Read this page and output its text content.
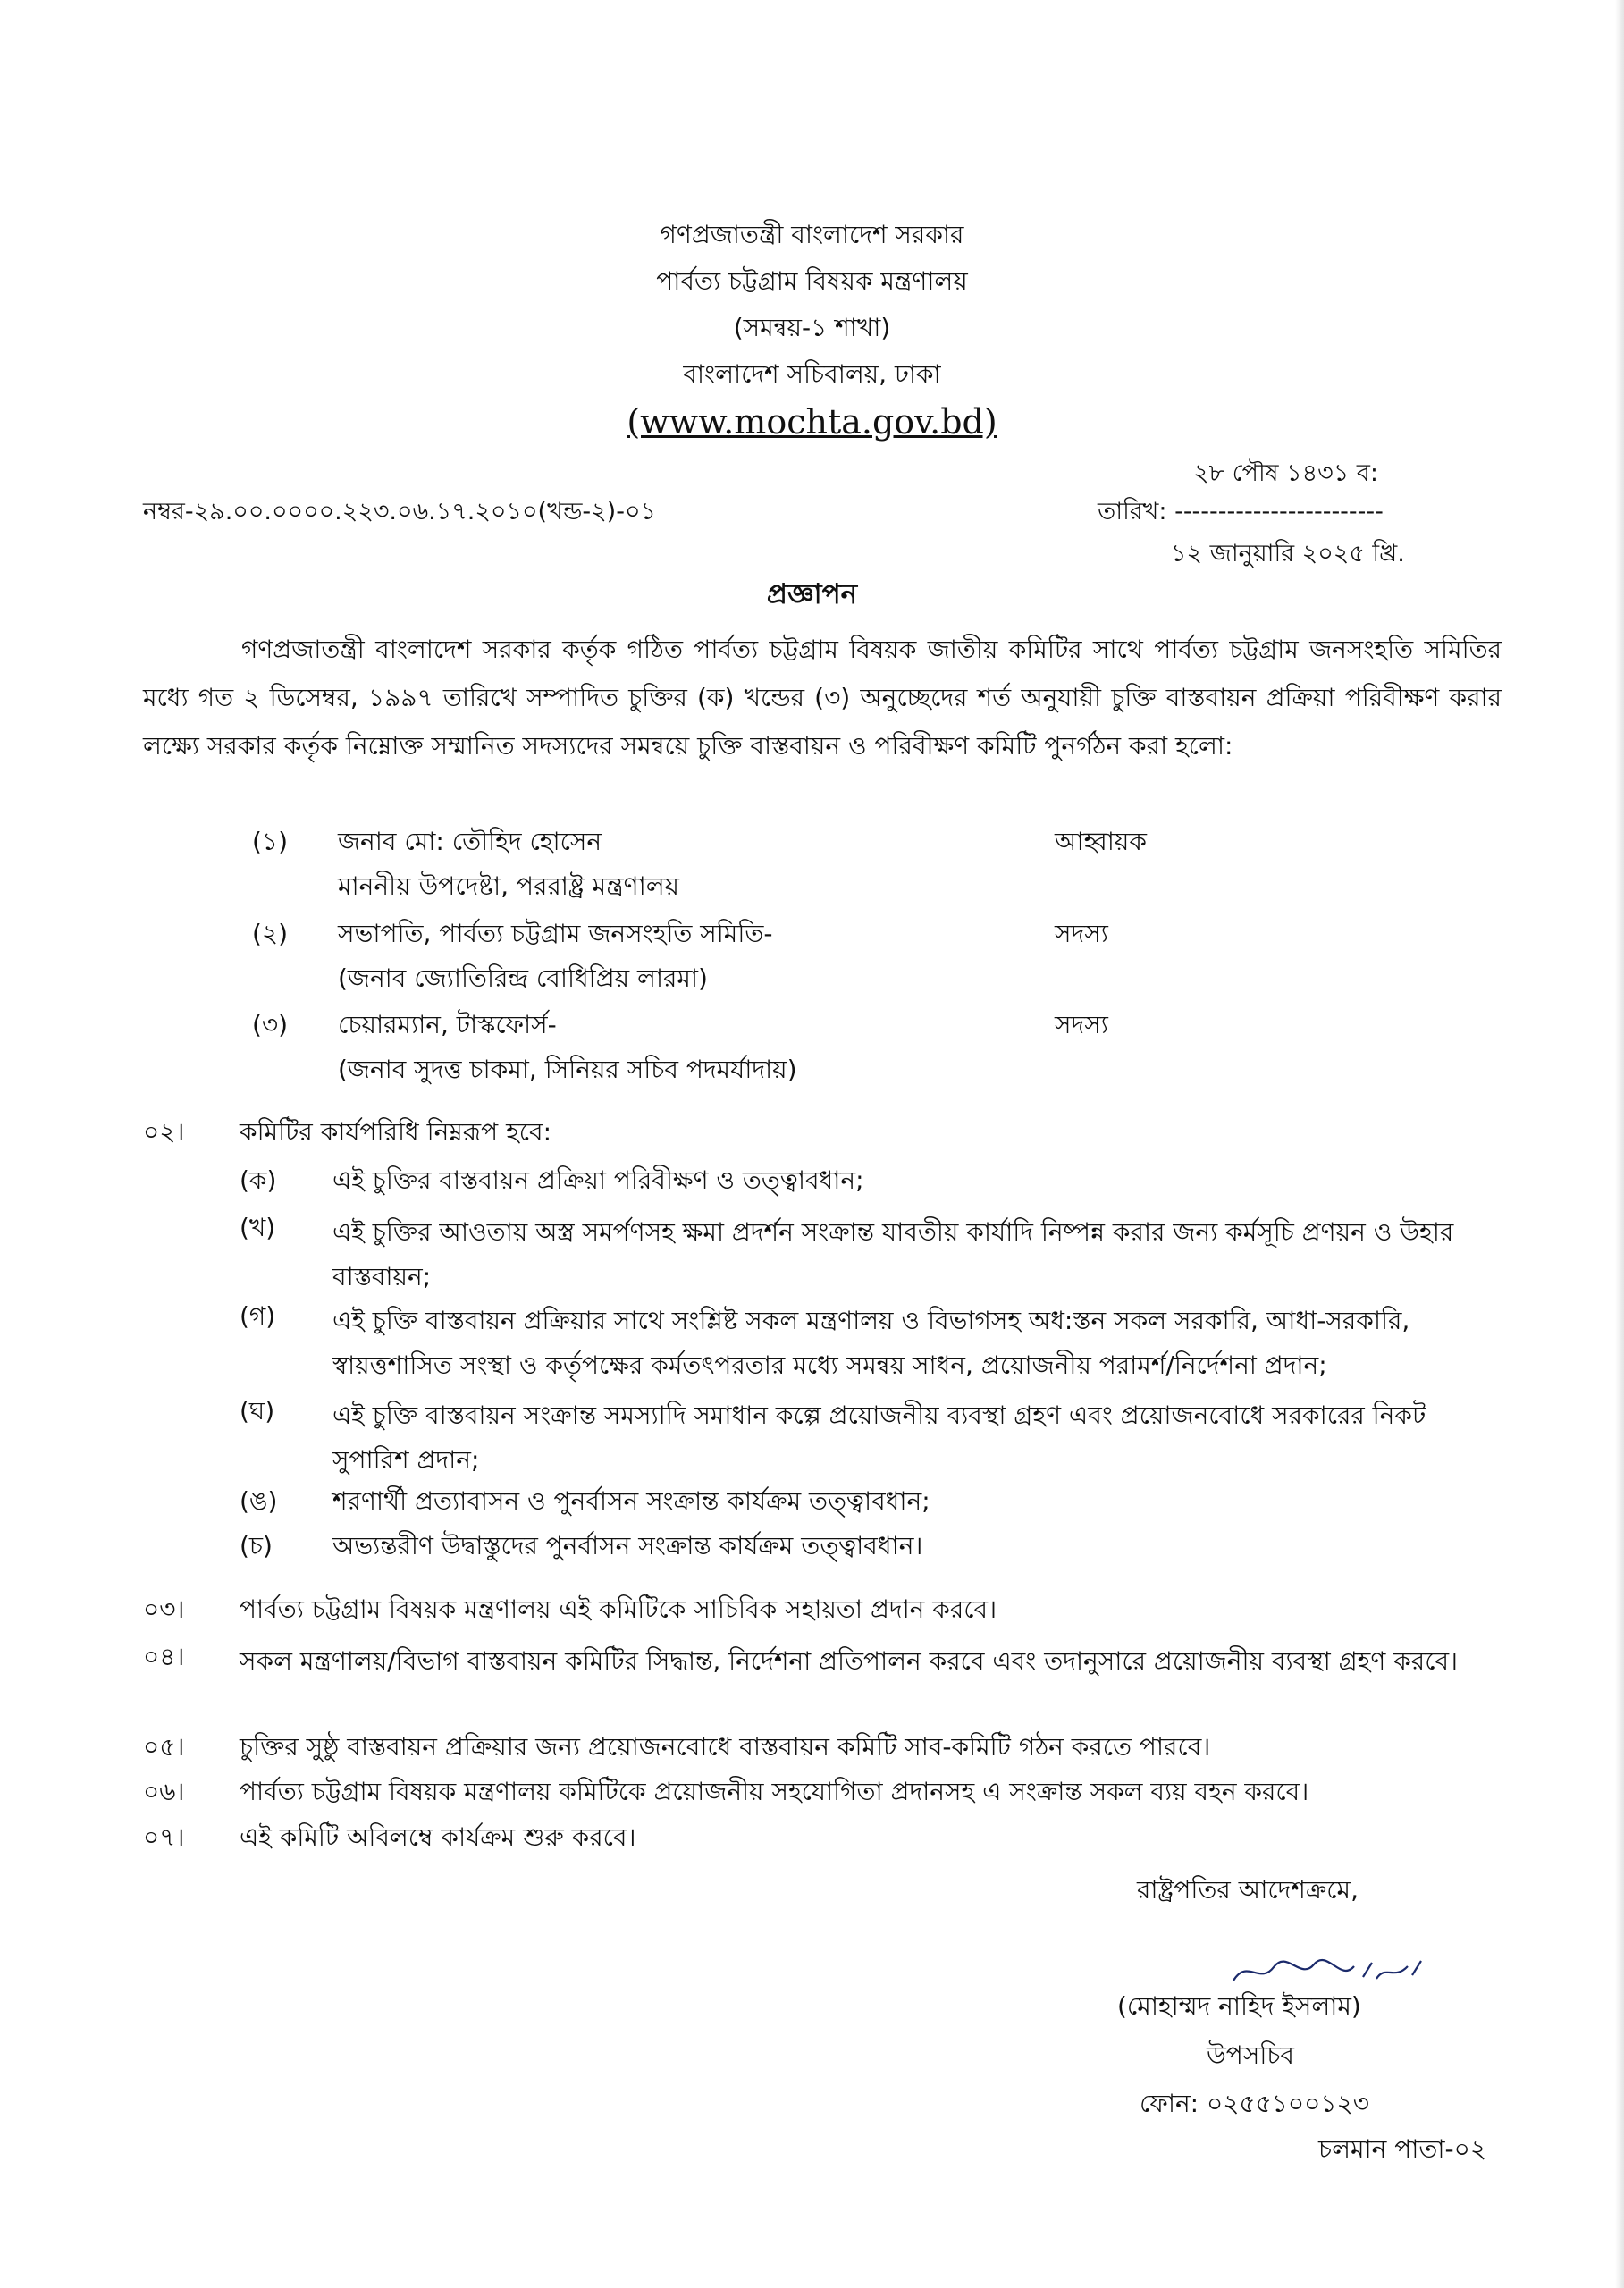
গণপ্রজাতন্ত্রী বাংলাদেশ সরকার
পার্বত্য চট্টগ্রাম বিষয়ক মন্ত্রণালয়
(সমন্বয়-১ শাখা)
বাংলাদেশ সচিবালয়, ঢাকা
(www.mochta.gov.bd)
২৮ পৌষ ১৪৩১ ব:
নম্বর-২৯.০০.০০০০.২২৩.০৬.১৭.২০১০(খন্ড-২)-০১	তারিখ: ------------------------
১২ জানুয়ারি ২০২৫ খ্রি.
প্রজ্ঞাপন
গণপ্রজাতন্ত্রী বাংলাদেশ সরকার কর্তৃক গঠিত পার্বত্য চট্টগ্রাম বিষয়ক জাতীয় কমিটির সাথে পার্বত্য চট্টগ্রাম জনসংহতি সমিতির মধ্যে গত ২ ডিসেম্বর, ১৯৯৭ তারিখে সম্পাদিত চুক্তির (ক) খন্ডের (৩) অনুচ্ছেদের শর্ত অনুযায়ী চুক্তি বাস্তবায়ন প্রক্রিয়া পরিবীক্ষণ করার লক্ষ্যে সরকার কর্তৃক নিম্নোক্ত সম্মানিত সদস্যদের সমন্বয়ে চুক্তি বাস্তবায়ন ও পরিবীক্ষণ কমিটি পুনর্গঠন করা হলো:
(১) জনাব মো: তৌহিদ হোসেন
মাননীয় উপদেষ্টা, পররাষ্ট্র মন্ত্রণালয়
আহ্বায়ক
(২) সভাপতি, পার্বত্য চট্টগ্রাম জনসংহতি সমিতি-
(জনাব জ্যোতিরিন্দ্র বোধিপ্রিয় লারমা)
সদস্য
(৩) চেয়ারম্যান, টাস্কফোর্স-
(জনাব সুদত্ত চাকমা, সিনিয়র সচিব পদমর্যাদায়)
সদস্য
০২। কমিটির কার্যপরিধি নিম্নরূপ হবে:
(ক) এই চুক্তির বাস্তবায়ন প্রক্রিয়া পরিবীক্ষণ ও তত্ত্বাবধান;
(খ) এই চুক্তির আওতায় অস্ত্র সমর্পণসহ ক্ষমা প্রদর্শন সংক্রান্ত যাবতীয় কার্যাদি নিষ্পন্ন করার জন্য কর্মসূচি প্রণয়ন ও উহার বাস্তবায়ন;
(গ) এই চুক্তি বাস্তবায়ন প্রক্রিয়ার সাথে সংশ্লিষ্ট সকল মন্ত্রণালয় ও বিভাগসহ অধ:স্তন সকল সরকারি, আধা-সরকারি, স্বায়ত্তশাসিত সংস্থা ও কর্তৃপক্ষের কর্মতৎপরতার মধ্যে সমন্বয় সাধন, প্রয়োজনীয় পরামর্শ/নির্দেশনা প্রদান;
(ঘ) এই চুক্তি বাস্তবায়ন সংক্রান্ত সমস্যাদি সমাধান কল্পে প্রয়োজনীয় ব্যবস্থা গ্রহণ এবং প্রয়োজনবোধে সরকারের নিকট সুপারিশ প্রদান;
(ঙ) শরণার্থী প্রত্যাবাসন ও পুনর্বাসন সংক্রান্ত কার্যক্রম তত্ত্বাবধান;
(চ) অভ্যন্তরীণ উদ্বাস্তুদের পুনর্বাসন সংক্রান্ত কার্যক্রম তত্ত্বাবধান।
০৩। পার্বত্য চট্টগ্রাম বিষয়ক মন্ত্রণালয় এই কমিটিকে সাচিবিক সহায়তা প্রদান করবে।
০৪। সকল মন্ত্রণালয়/বিভাগ বাস্তবায়ন কমিটির সিদ্ধান্ত, নির্দেশনা প্রতিপালন করবে এবং তদানুসারে প্রয়োজনীয় ব্যবস্থা গ্রহণ করবে।
০৫। চুক্তির সুষ্ঠু বাস্তবায়ন প্রক্রিয়ার জন্য প্রয়োজনবোধে বাস্তবায়ন কমিটি সাব-কমিটি গঠন করতে পারবে।
০৬। পার্বত্য চট্টগ্রাম বিষয়ক মন্ত্রণালয় কমিটিকে প্রয়োজনীয় সহযোগিতা প্রদানসহ এ সংক্রান্ত সকল ব্যয় বহন করবে।
০৭। এই কমিটি অবিলম্বে কার্যক্রম শুরু করবে।
রাষ্ট্রপতির আদেশক্রমে,
(মোহাম্মদ নাহিদ ইসলাম)
উপসচিব
ফোন: ০২৫৫১০০১২৩
চলমান পাতা-০২
